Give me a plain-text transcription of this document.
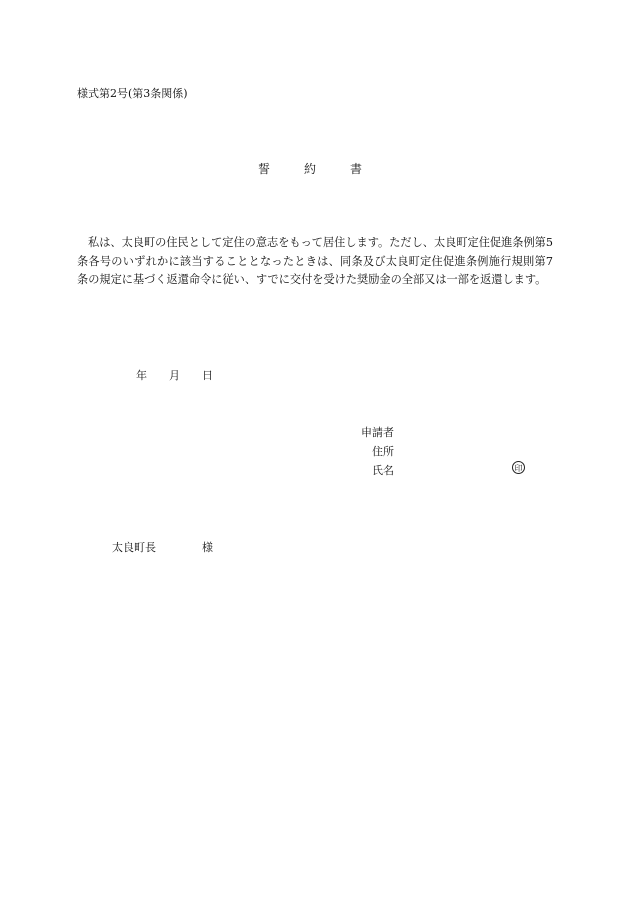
様式第2号(第3条関係)
誓	約	書

私は、太良町の住民として定住の意志をもって居住します。ただし、太良町定住促進条例第5条各号のいずれかに該当することとなったときは、同条及び太良町定住促進条例施行規則第7条の規定に基づく返還命令に従い、すでに交付を受けた奨励金の全部又は一部を返還します。

年 月 日
申請者
住所
氏名	印
太良町長	様
